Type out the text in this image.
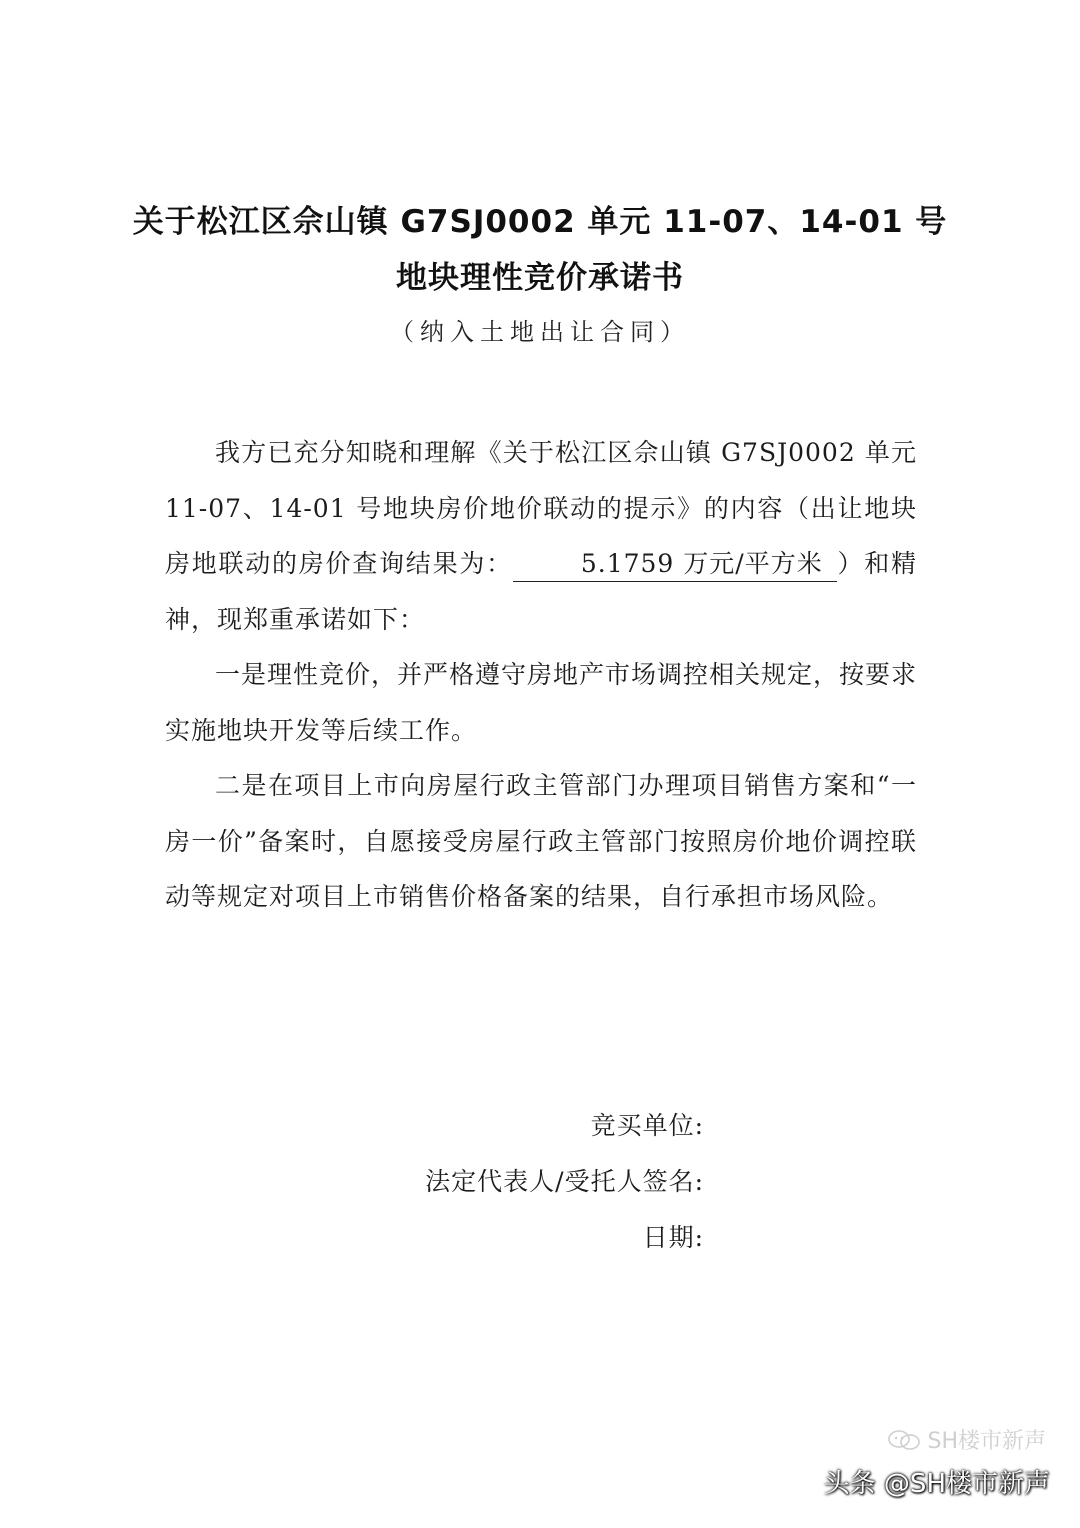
关于松江区佘山镇 G7SJ0002 单元 11-07、14-01 号
地块理性竞价承诺书
（纳入土地出让合同）

我方已充分知晓和理解《关于松江区佘山镇 G7SJ0002 单元 11-07、14-01 号地块房价地价联动的提示》的内容（出让地块房地联动的房价查询结果为：	5.1759 万元/平方米 ）和精神，现郑重承诺如下：

一是理性竞价，并严格遵守房地产市场调控相关规定，按要求实施地块开发等后续工作。

二是在项目上市向房屋行政主管部门办理项目销售方案和“一房一价”备案时，自愿接受房屋行政主管部门按照房价地价调控联动等规定对项目上市销售价格备案的结果，自行承担市场风险。

竞买单位:
法定代表人/受托人签名:
日期:
SH楼市新声
头条 @SH楼市新声
